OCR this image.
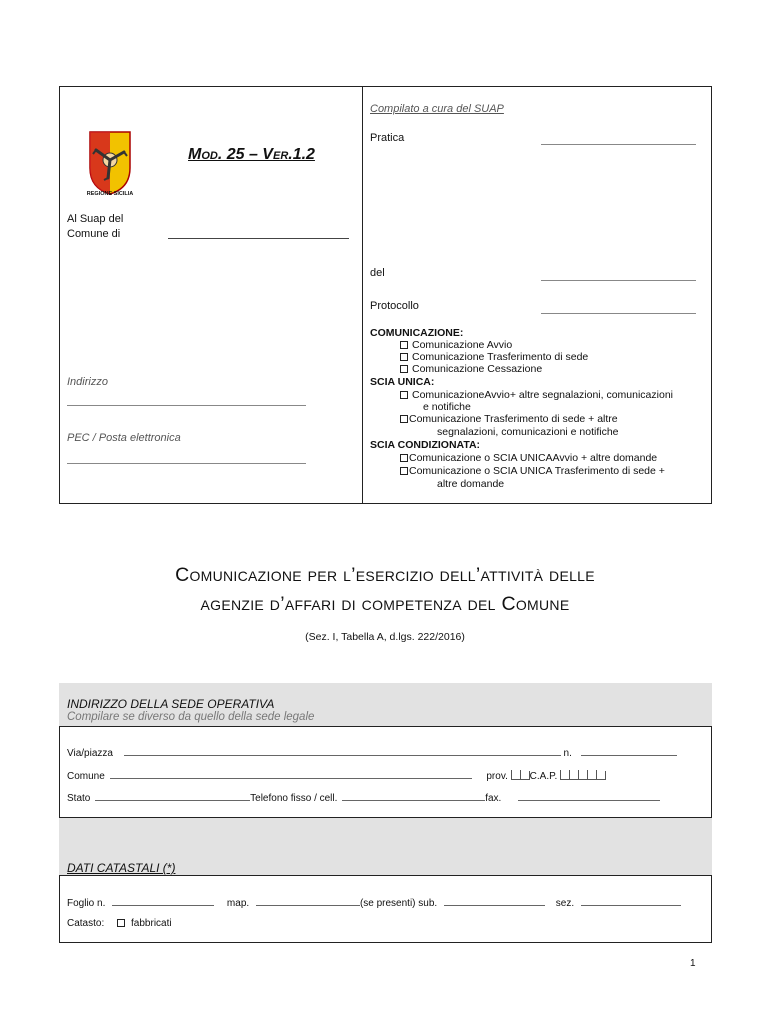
REGIONE SICILIA
Mod. 25 – Ver.1.2
Al Suap del
Comune di
Indirizzo
PEC / Posta elettronica
Compilato a cura del SUAP
Pratica
del
Protocollo
COMUNICAZIONE:
Comunicazione Avvio
Comunicazione Trasferimento di sede
Comunicazione Cessazione
SCIA UNICA:
ComunicazioneAvvio+ altre segnalazioni, comunicazioni
e notifiche
Comunicazione Trasferimento di sede + altre
segnalazioni, comunicazioni e notifiche
SCIA CONDIZIONATA:
Comunicazione o SCIA UNICAAvvio + altre domande
Comunicazione o SCIA UNICA Trasferimento di sede +
altre domande
Comunicazione per l’esercizio dell’attività delle
agenzie d’affari di competenza del Comune
(Sez. I, Tabella A, d.lgs. 222/2016)
INDIRIZZO DELLA SEDE OPERATIVA
Compilare se diverso da quello della sede legale
Via/piazza	n.
Comune	prov. C.A.P.
Stato	Telefono fisso / cell.	fax.
DATI CATASTALI (*)
Foglio n.	map.	(se presenti) sub.	sez.
Catasto:	fabbricati
1
